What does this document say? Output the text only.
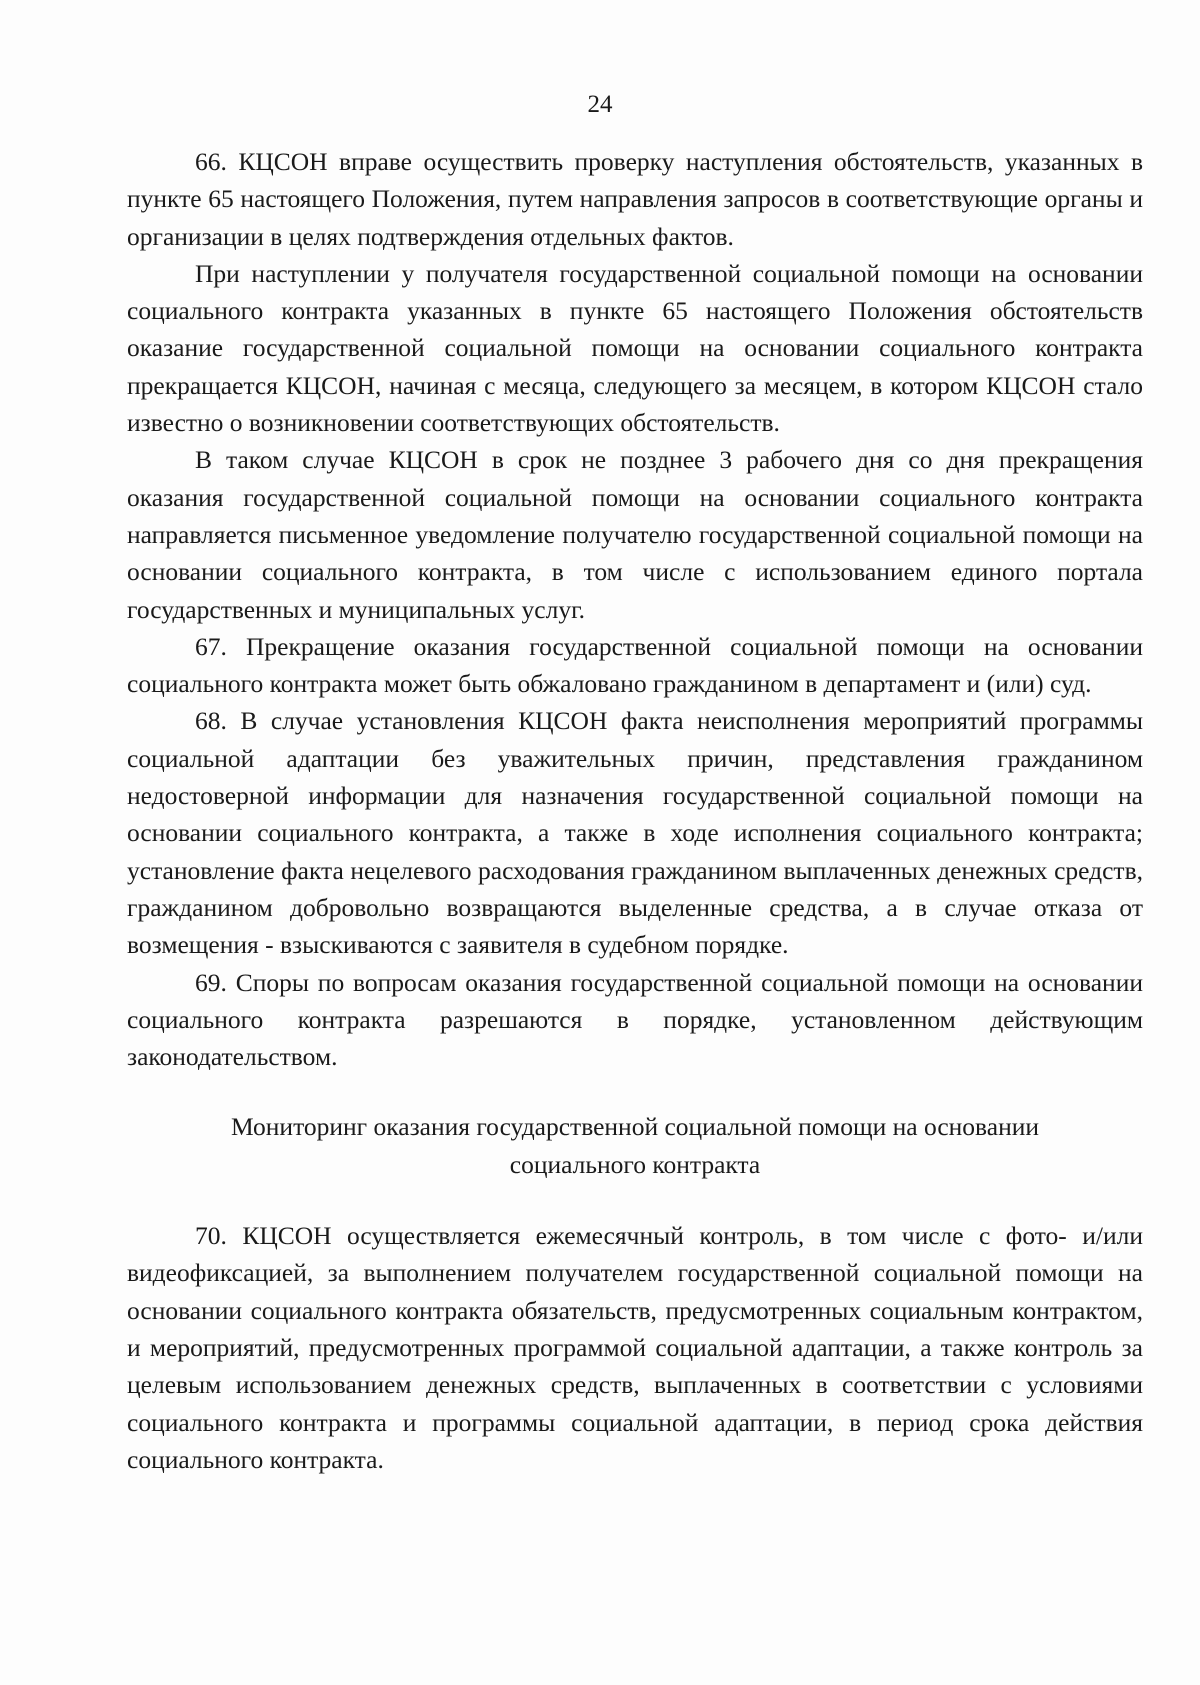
24

66. КЦСОН вправе осуществить проверку наступления обстоятельств, указанных в пункте 65 настоящего Положения, путем направления запросов в соответствующие органы и организации в целях подтверждения отдельных фактов.

При наступлении у получателя государственной социальной помощи на основании социального контракта указанных в пункте 65 настоящего Положения обстоятельств оказание государственной социальной помощи на основании социального контракта прекращается КЦСОН, начиная с месяца, следующего за месяцем, в котором КЦСОН стало известно о возникновении соответствующих обстоятельств.

В таком случае КЦСОН в срок не позднее 3 рабочего дня со дня прекращения оказания государственной социальной помощи на основании социального контракта направляется письменное уведомление получателю государственной социальной помощи на основании социального контракта, в том числе с использованием единого портала государственных и муниципальных услуг.

67. Прекращение оказания государственной социальной помощи на основании социального контракта может быть обжаловано гражданином в департамент и (или) суд.

68. В случае установления КЦСОН факта неисполнения мероприятий программы социальной адаптации без уважительных причин, представления гражданином недостоверной информации для назначения государственной социальной помощи на основании социального контракта, а также в ходе исполнения социального контракта; установление факта нецелевого расходования гражданином выплаченных денежных средств, гражданином добровольно возвращаются выделенные средства, а в случае отказа от возмещения - взыскиваются с заявителя в судебном порядке.

69. Споры по вопросам оказания государственной социальной помощи на основании социального контракта разрешаются в порядке, установленном действующим законодательством.

Мониторинг оказания государственной социальной помощи на основании социального контракта

70. КЦСОН осуществляется ежемесячный контроль, в том числе с фото- и/или видеофиксацией, за выполнением получателем государственной социальной помощи на основании социального контракта обязательств, предусмотренных социальным контрактом, и мероприятий, предусмотренных программой социальной адаптации, а также контроль за целевым использованием денежных средств, выплаченных в соответствии с условиями социального контракта и программы социальной адаптации, в период срока действия социального контракта.
